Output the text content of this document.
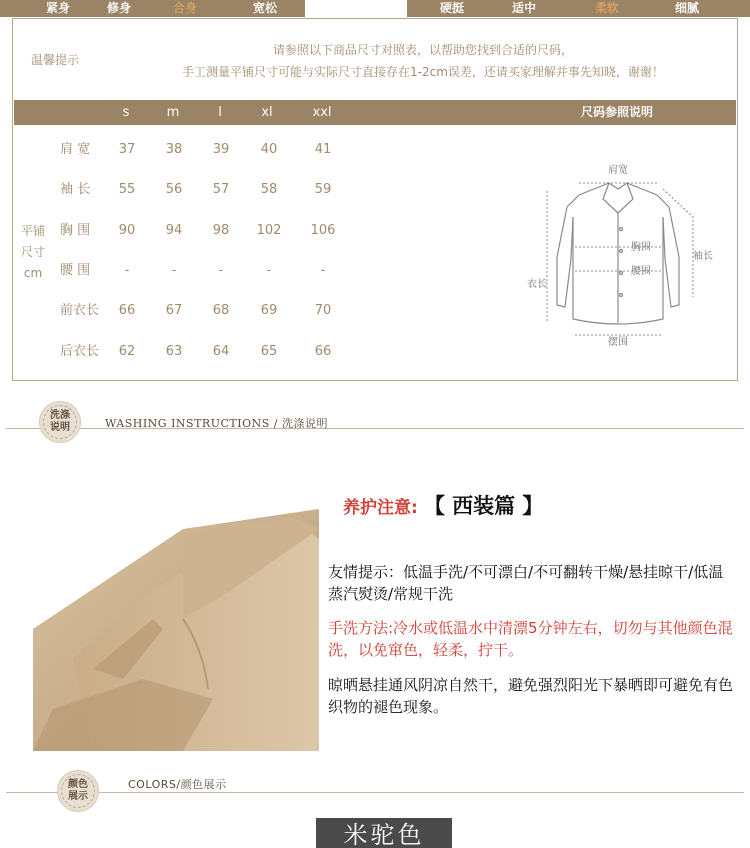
紧身	修身	合身	宽松	硬挺	适中	柔软	细腻
温馨提示
请参照以下商品尺寸对照表，以帮助您找到合适的尺码，
手工测量平铺尺寸可能与实际尺寸直接存在1-2cm误差，还请买家理解并事先知晓，谢谢！
s	m	l	xl	xxl	尺码参照说明
平铺
尺寸
cm
肩 宽	37	38	39	40	41
袖 长	55	56	57	58	59
胸 围	90	94	98	102	106
腰 围	-	-	-	-	-
前衣长	66	67	68	69	70
后衣长	62	63	64	65	66
肩宽
胸围
腰围
袖长
衣长
摆围
洗涤
说明	WASHING INSTRUCTIONS / 洗涤说明
养护注意: 【 西装篇 】
友情提示：低温手洗/不可漂白/不可翻转干燥/悬挂晾干/低温蒸汽熨烫/常规干洗
手洗方法:冷水或低温水中清漂5分钟左右，切勿与其他颜色混洗，以免窜色，轻柔，拧干。
晾晒悬挂通风阴凉自然干，避免强烈阳光下暴晒即可避免有色织物的褪色现象。
颜色
展示
COLORS/颜色展示
米驼色
